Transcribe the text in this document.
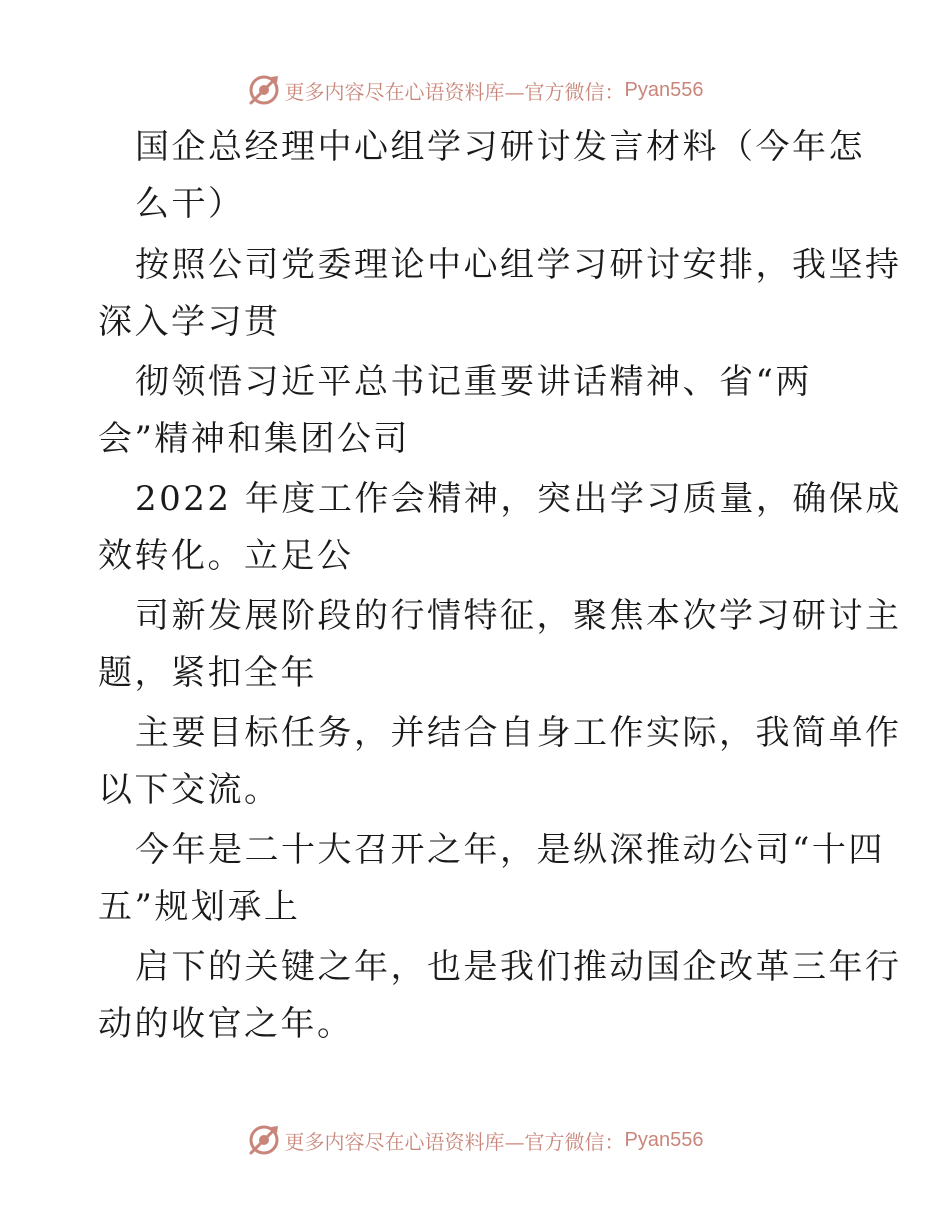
更多内容尽在心语资料库—官方微信： Pyan556
国企总经理中心组学习研讨发言材料（今年怎
么干）
按照公司党委理论中心组学习研讨安排，我坚持
深入学习贯
彻领悟习近平总书记重要讲话精神、省“两
会”精神和集团公司
2022 年度工作会精神，突出学习质量，确保成
效转化。立足公
司新发展阶段的行情特征，聚焦本次学习研讨主
题，紧扣全年
主要目标任务，并结合自身工作实际，我简单作
以下交流。
今年是二十大召开之年，是纵深推动公司“十四
五”规划承上
启下的关键之年，也是我们推动国企改革三年行
动的收官之年。
更多内容尽在心语资料库—官方微信： Pyan556
